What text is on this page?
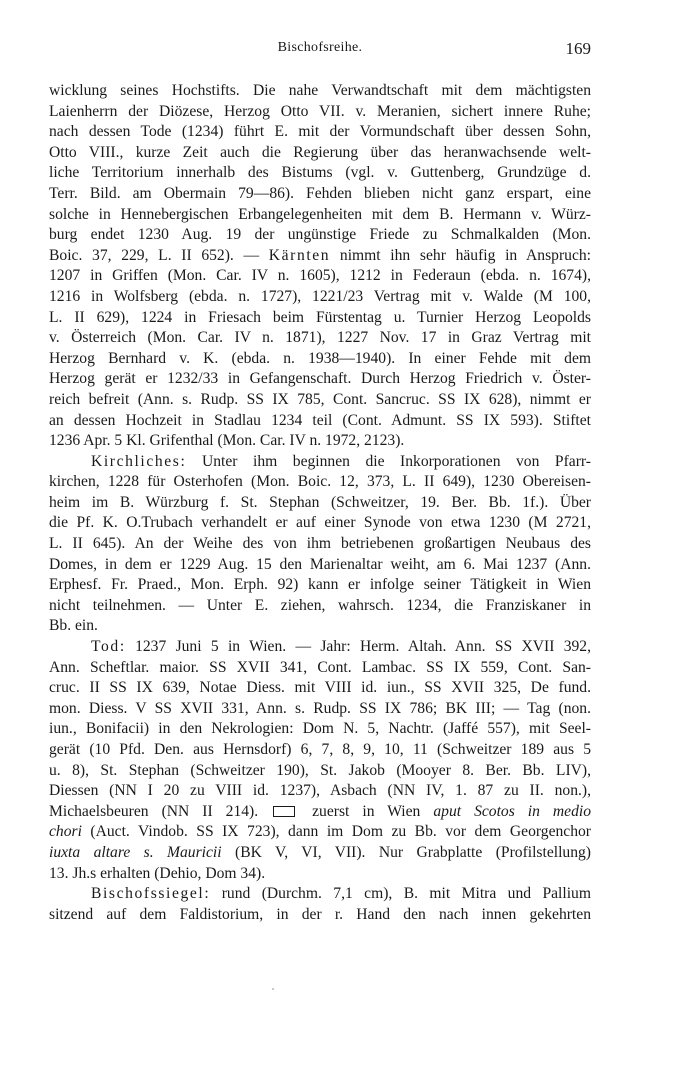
Bischofsreihe.	169
wicklung seines Hochstifts. Die nahe Verwandtschaft mit dem mächtigsten
Laienherrn der Diözese, Herzog Otto VII. v. Meranien, sichert innere Ruhe;
nach dessen Tode (1234) führt E. mit der Vormundschaft über dessen Sohn,
Otto VIII., kurze Zeit auch die Regierung über das heranwachsende welt-
liche Territorium innerhalb des Bistums (vgl. v. Guttenberg, Grundzüge d.
Terr. Bild. am Obermain 79—86). Fehden blieben nicht ganz erspart, eine
solche in Hennebergischen Erbangelegenheiten mit dem B. Hermann v. Würz-
burg endet 1230 Aug. 19 der ungünstige Friede zu Schmalkalden (Mon.
Boic. 37, 229, L. II 652). — Kärnten nimmt ihn sehr häufig in Anspruch:
1207 in Griffen (Mon. Car. IV n. 1605), 1212 in Federaun (ebda. n. 1674),
1216 in Wolfsberg (ebda. n. 1727), 1221/23 Vertrag mit v. Walde (M 100,
L. II 629), 1224 in Friesach beim Fürstentag u. Turnier Herzog Leopolds
v. Österreich (Mon. Car. IV n. 1871), 1227 Nov. 17 in Graz Vertrag mit
Herzog Bernhard v. K. (ebda. n. 1938—1940). In einer Fehde mit dem
Herzog gerät er 1232/33 in Gefangenschaft. Durch Herzog Friedrich v. Öster-
reich befreit (Ann. s. Rudp. SS IX 785, Cont. Sancruc. SS IX 628), nimmt er
an dessen Hochzeit in Stadlau 1234 teil (Cont. Admunt. SS IX 593). Stiftet
1236 Apr. 5 Kl. Grifenthal (Mon. Car. IV n. 1972, 2123).
Kirchliches: Unter ihm beginnen die Inkorporationen von Pfarr-
kirchen, 1228 für Osterhofen (Mon. Boic. 12, 373, L. II 649), 1230 Obereisen-
heim im B. Würzburg f. St. Stephan (Schweitzer, 19. Ber. Bb. 1f.). Über
die Pf. K. O.Trubach verhandelt er auf einer Synode von etwa 1230 (M 2721,
L. II 645). An der Weihe des von ihm betriebenen großartigen Neubaus des
Domes, in dem er 1229 Aug. 15 den Marienaltar weiht, am 6. Mai 1237 (Ann.
Erphesf. Fr. Praed., Mon. Erph. 92) kann er infolge seiner Tätigkeit in Wien
nicht teilnehmen. — Unter E. ziehen, wahrsch. 1234, die Franziskaner in
Bb. ein.
Tod: 1237 Juni 5 in Wien. — Jahr: Herm. Altah. Ann. SS XVII 392,
Ann. Scheftlar. maior. SS XVII 341, Cont. Lambac. SS IX 559, Cont. San-
cruc. II SS IX 639, Notae Diess. mit VIII id. iun., SS XVII 325, De fund.
mon. Diess. V SS XVII 331, Ann. s. Rudp. SS IX 786; BK III; — Tag (non.
iun., Bonifacii) in den Nekrologien: Dom N. 5, Nachtr. (Jaffé 557), mit Seel-
gerät (10 Pfd. Den. aus Hernsdorf) 6, 7, 8, 9, 10, 11 (Schweitzer 189 aus 5
u. 8), St. Stephan (Schweitzer 190), St. Jakob (Mooyer 8. Ber. Bb. LIV),
Diessen (NN I 20 zu VIII id. 1237), Asbach (NN IV, 1. 87 zu II. non.),
Michaelsbeuren (NN II 214).	zuerst in Wien aput Scotos in medio
chori (Auct. Vindob. SS IX 723), dann im Dom zu Bb. vor dem Georgenchor
iuxta altare s. Mauricii (BK V, VI, VII). Nur Grabplatte (Profilstellung)
13. Jh.s erhalten (Dehio, Dom 34).
Bischofssiegel: rund (Durchm. 7,1 cm), B. mit Mitra und Pallium
sitzend auf dem Faldistorium, in der r. Hand den nach innen gekehrten
